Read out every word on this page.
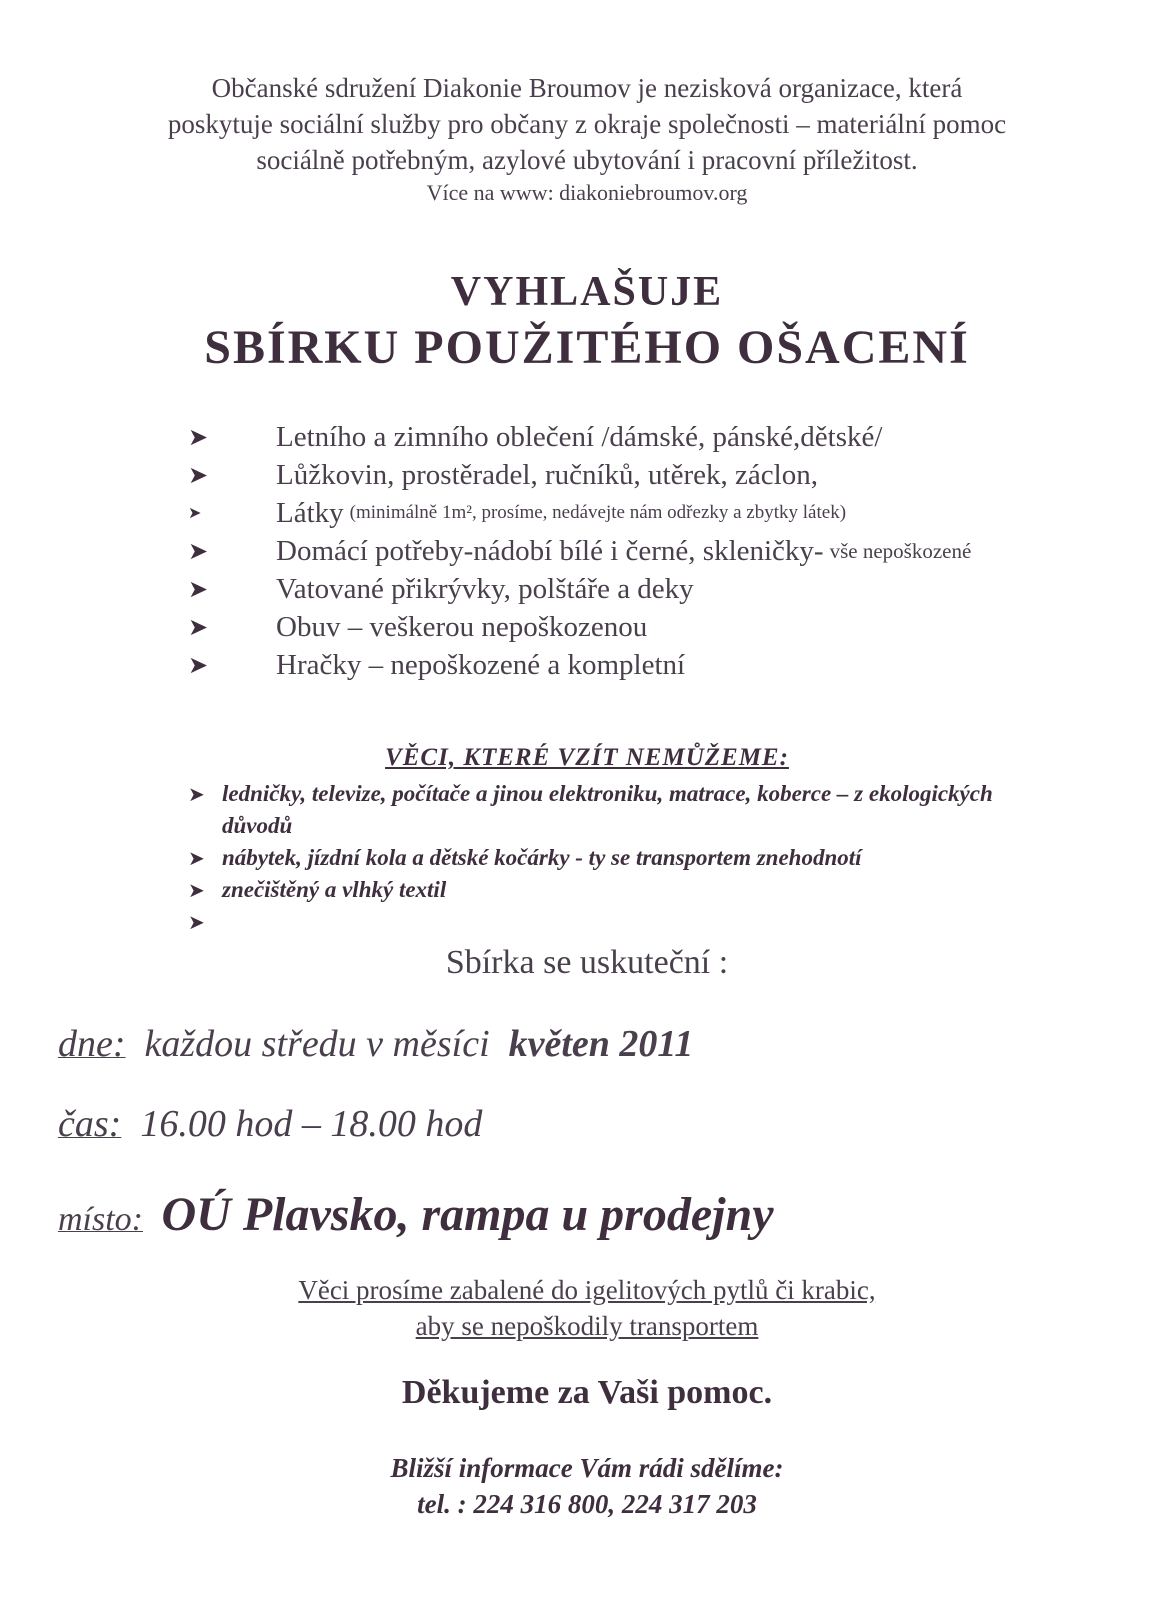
Občanské sdružení Diakonie Broumov je nezisková organizace, která
poskytuje sociální služby pro občany z okraje společnosti – materiální pomoc
sociálně potřebným, azylové ubytování i pracovní příležitost.
Více na www: diakoniebroumov.org
VYHLAŠUJE
SBÍRKU POUŽITÉHO OŠACENÍ
➤	Letního a zimního oblečení /dámské, pánské,dětské/
➤	Lůžkovin, prostěradel, ručníků, utěrek, záclon,
➤	Látky (minimálně 1m², prosíme, nedávejte nám odřezky a zbytky látek)
➤	Domácí potřeby-nádobí bílé i černé, skleničky- vše nepoškozené
➤	Vatované přikrývky, polštáře a deky
➤	Obuv – veškerou nepoškozenou
➤	Hračky – nepoškozené a kompletní
VĚCI, KTERÉ VZÍT NEMŮŽEME:
➤ ledničky, televize, počítače a jinou elektroniku, matrace, koberce – z ekologických důvodů
➤ nábytek, jízdní kola a dětské kočárky - ty se transportem znehodnotí
➤ znečištěný a vlhký textil
➤
Sbírka se uskuteční :
dne: každou středu v měsíci květen 2011
čas: 16.00 hod – 18.00 hod
místo: OÚ Plavsko, rampa u prodejny
Věci prosíme zabalené do igelitových pytlů či krabic,
aby se nepoškodily transportem
Děkujeme za Vaši pomoc.
Bližší informace Vám rádi sdělíme:
tel. : 224 316 800, 224 317 203
